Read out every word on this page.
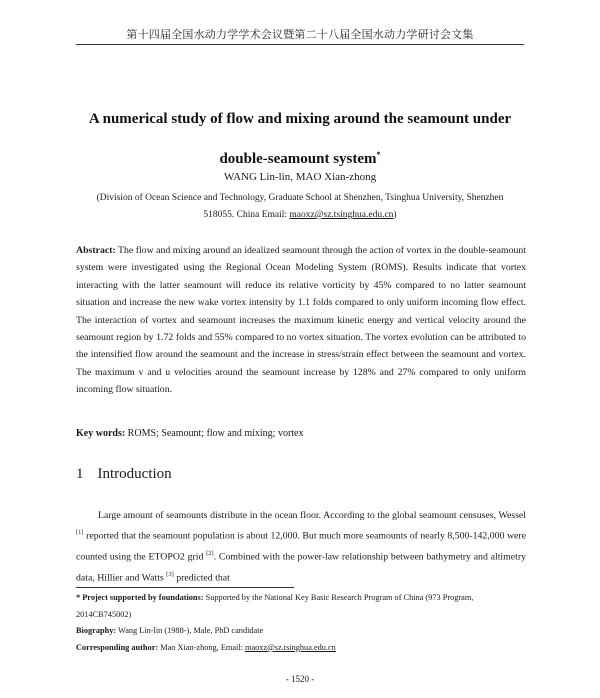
第十四届全国水动力学学术会议暨第二十八届全国水动力学研讨会文集
A numerical study of flow and mixing around the seamount under
double-seamount system*
WANG Lin-lin, MAO Xian-zhong
(Division of Ocean Science and Technology, Graduate School at Shenzhen, Tsinghua University, Shenzhen
518055. China Email: maoxz@sz.tsinghua.edu.cn)
Abstract: The flow and mixing around an idealized seamount through the action of vortex in the double-seamount system were investigated using the Regional Ocean Modeling System (ROMS). Results indicate that vortex interacting with the latter seamount will reduce its relative vorticity by 45% compared to no latter seamount situation and increase the new wake vortex intensity by 1.1 folds compared to only uniform incoming flow effect. The interaction of vortex and seamount increases the maximum kinetic energy and vertical velocity around the seamount region by 1.72 folds and 55% compared to no vortex situation. The vortex evolution can be attributed to the intensified flow around the seamount and the increase in stress/strain effect between the seamount and vortex. The maximum v and u velocities around the seamount increase by 128% and 27% compared to only uniform incoming flow situation.
Key words: ROMS; Seamount; flow and mixing; vortex
1 Introduction
Large amount of seamounts distribute in the ocean floor. According to the global seamount censuses, Wessel [1] reported that the seamount population is about 12,000. But much more seamounts of nearly 8,500-142,000 were counted using the ETOPO2 grid [2]. Combined with the power-law relationship between bathymetry and altimetry data, Hillier and Watts [3] predicted that

* Project supported by foundations: Supported by the National Key Basic Research Program of China (973 Program, 2014CB745002)

Biography: Wang Lin-lin (1988-), Male, PhD candidate

Corresponding author: Mao Xian-zhong, Email: maoxz@sz.tsinghua.edu.cn

- 1520 -
